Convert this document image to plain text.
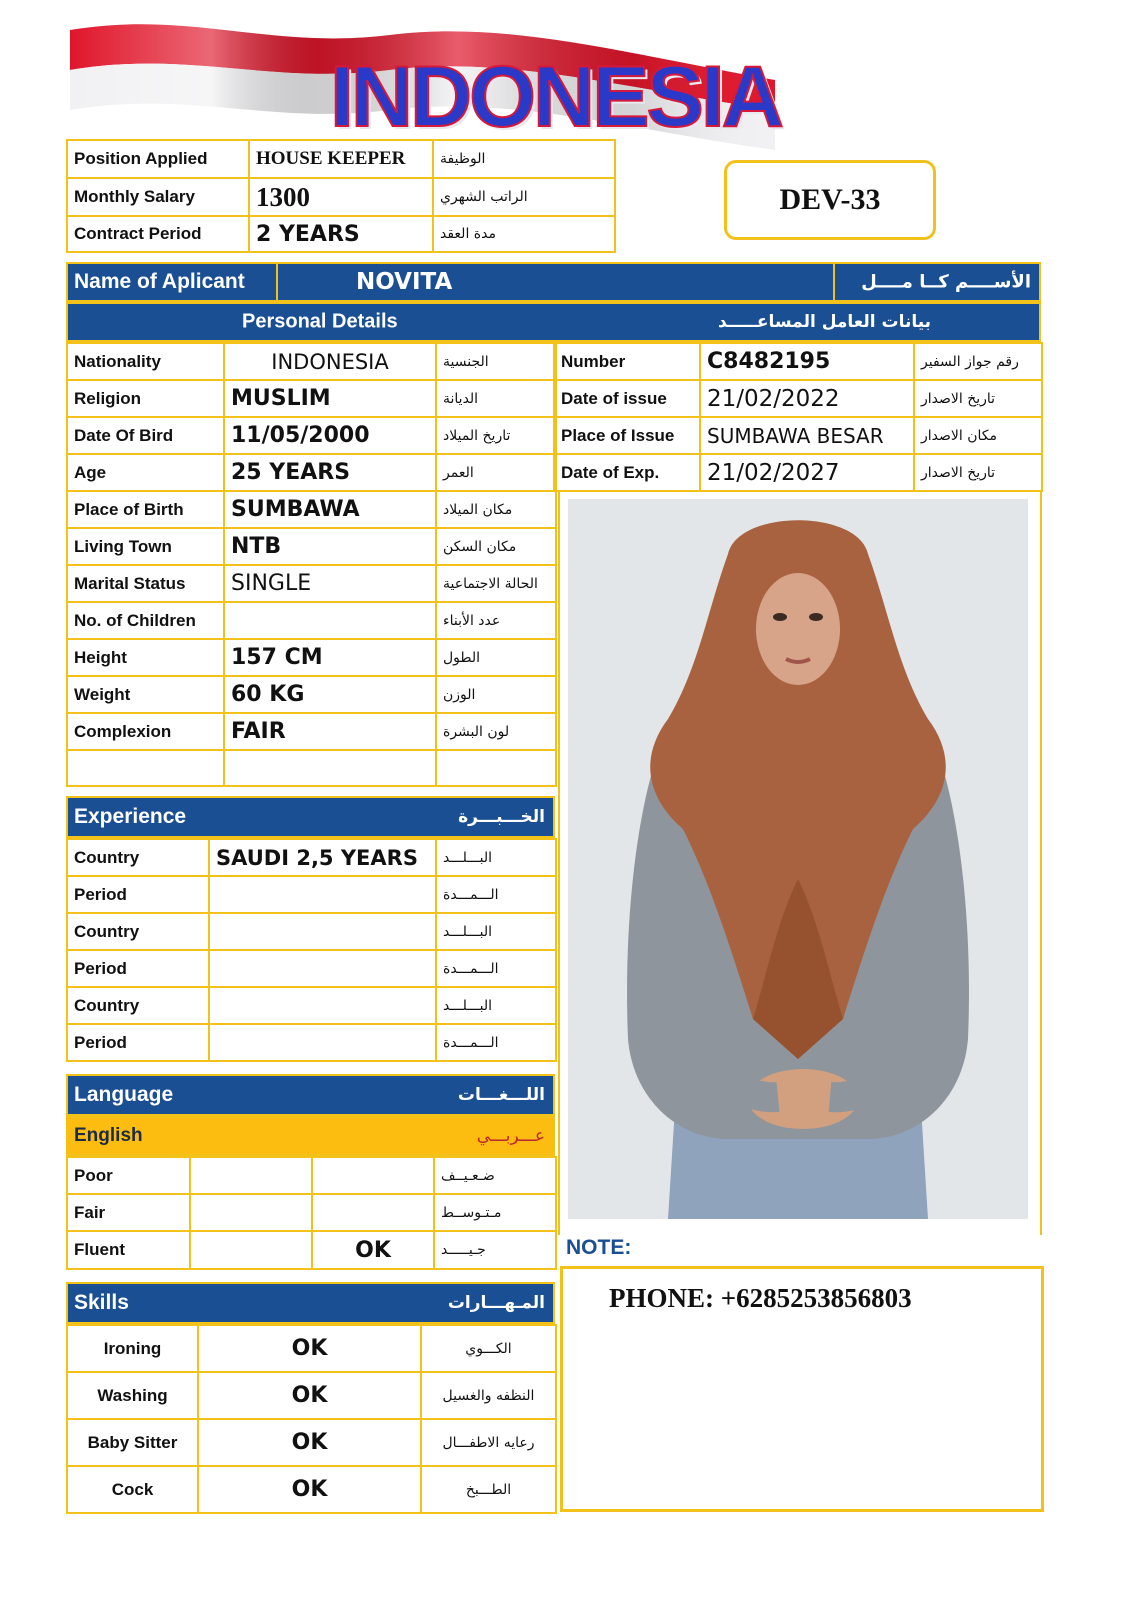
INDONESIA
Position Applied	HOUSE KEEPER	الوظيفة
Monthly Salary	1300	الراتب الشهري
Contract Period	2 YEARS	مدة العقد
DEV-33
Name of Aplicant	NOVITA	الأســــم كــا مــــل
Personal Details	بيانات العامل المساعـــــد
Nationality	INDONESIA	الجنسية
Religion	MUSLIM	الديانة
Date Of Bird	11/05/2000	تاريخ الميلاد
Age	25 YEARS	العمر
Place of Birth	SUMBAWA	مكان الميلاد
Living Town	NTB	مكان السكن
Marital Status	SINGLE	الحالة الاجتماعية
No. of Children		عدد الأبناء
Height	157 CM	الطول
Weight	60 KG	الوزن
Complexion	FAIR	لون البشرة

Number	C8482195	رقم جواز السفير
Date of issue	21/02/2022	تاريخ الاصدار
Place of Issue	SUMBAWA BESAR	مكان الاصدار
Date of Exp.	21/02/2027	تاريخ الاصدار
Experience	الخـــبـــرة
Country	SAUDI 2,5 YEARS	البـــلـــد
Period		الـــمـــدة
Country		البـــلـــد
Period		الـــمـــدة
Country		البـــلـــد
Period		الـــمـــدة
Language	اللـــغـــات
English	عـــربـــي
Poor			ضـعـيــف
Fair			مـتـوســط
Fluent		OK	جـيـــــد
Skills	المـهـــارات
Ironing	OK	الكـــوي
Washing	OK	النظفه والغسيل
Baby Sitter	OK	رعايه الاطفـــال
Cock	OK	الطـــبخ
NOTE:
PHONE: +6285253856803
